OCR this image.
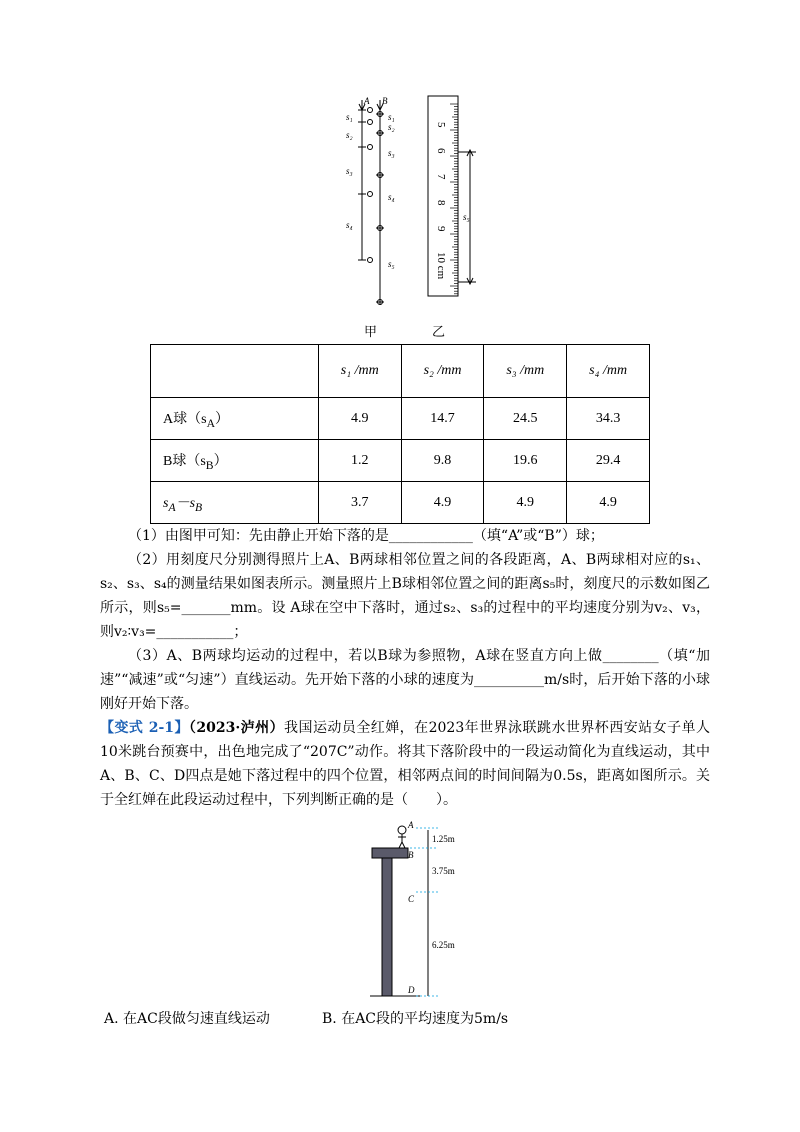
A B
s₁	s₁
s₂
s₂
s₃
s₃
s₄
s₄
s₅
s₅
5
6
7
8
9
10 cm
甲	乙
	s₁ /mm	s₂ /mm	s₃ /mm	s₄ /mm
A球$(s_A)$	4.9	14.7	24.5	34.3
B球$(s_B)$	1.2	9.8	19.6	29.4
$s_A-s_B$	3.7	4.9	4.9	4.9
（1）由图甲可知：先由静止开始下落的是____________（填“A”或“B”）球；
（2）用刻度尺分别测得照片上A、B两球相邻位置之间的各段距离，A、B两球相对应的s₁、s₂、s₃、s₄的测量结果如图表所示。测量照片上B球相邻位置之间的距离s₅时，刻度尺的示数如图乙所示，则s₅=_______mm。设 A球在空中下落时，通过s₂、s₃的过程中的平均速度分别为v₂、v₃，则v₂∶v₃=___________；
（3）A、B两球均运动的过程中，若以B球为参照物，A球在竖直方向上做________（填“加速”“减速”或“匀速”）直线运动。先开始下落的小球的速度为__________m/s时，后开始下落的小球刚好开始下落。
【变式 2-1】（2023·泸州）我国运动员全红婵，在2023年世界泳联跳水世界杯西安站女子单人10米跳台预赛中，出色地完成了“207C”动作。将其下落阶段中的一段运动简化为直线运动，其中A、B、C、D四点是她下落过程中的四个位置，相邻两点间的时间间隔为0.5s，距离如图所示。关于全红婵在此段运动过程中，下列判断正确的是（　　）。
A
B
C
D
1.25m
3.75m
6.25m
A. 在AC段做匀速直线运动	B. 在AC段的平均速度为5m/s
